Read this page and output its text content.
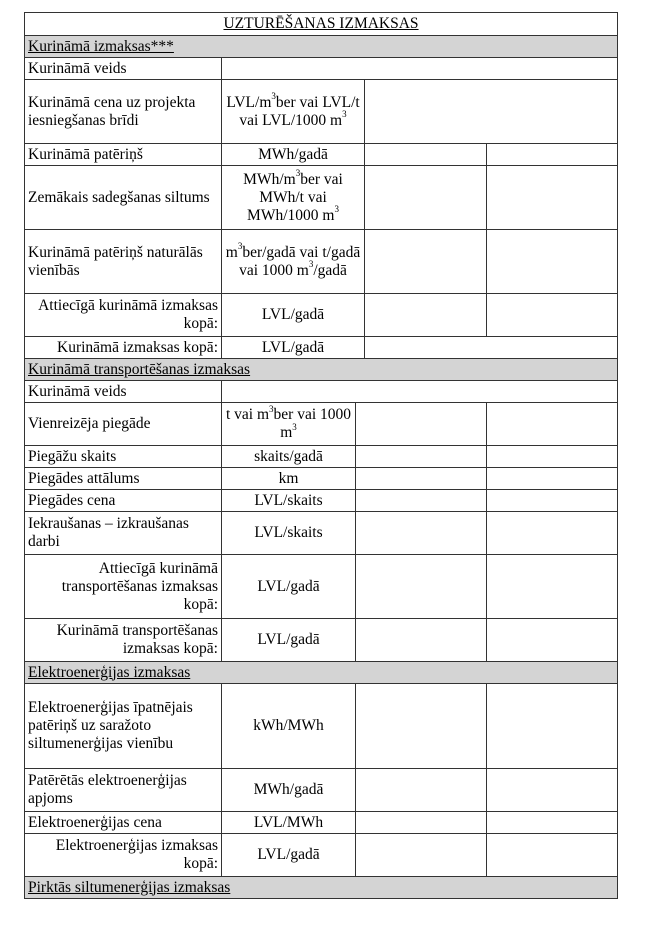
UZTURĒŠANAS IZMAKSAS				
Kurināmā izmaksas***				
Kurināmā veids				
Kurināmā cena uz projekta iesniegšanas brīdi	LVL/$m^3ber$ vai LVL/t vai LVL/1000 $m^3$	
Kurināmā patēriņš	MWh/gadā			
Zemākais sadegšanas siltums	MWh/$m^3ber$ vai MWh/t vai MWh/1000 $m^3$		
Kurināmā patēriņš naturālās vienībās	$m^3ber$/gadā vai t/gadā vai 1000 $m^3$/gadā			
Attiecīgā kurināmā izmaksas kopā:	LVL/gadā			
Kurināmā izmaksas kopā:	LVL/gadā			
Kurināmā transportēšanas izmaksas				
Kurināmā veids				
Vienreizēja piegāde	t vai $m^3ber$ vai 1000 $m^3$		
Piegāžu skaits	skaits/gadā			
Piegādes attālums	km			
Piegādes cena	LVL/skaits			
Iekraušanas – izkraušanas darbi	LVL/skaits			
Attiecīgā kurināmā transportēšanas izmaksas kopā:	LVL/gadā			
Kurināmā transportēšanas izmaksas kopā:	LVL/gadā			
Elektroenerģijas izmaksas				
Elektroenerģijas īpatnējais patēriņš uz saražoto siltumenerģijas vienību	kWh/MWh			
Patērētās elektroenerģijas apjoms	MWh/gadā			
Elektroenerģijas cena	LVL/MWh			
Elektroenerģijas izmaksas kopā:	LVL/gadā			
Pirktās siltumenerģijas izmaksas				
